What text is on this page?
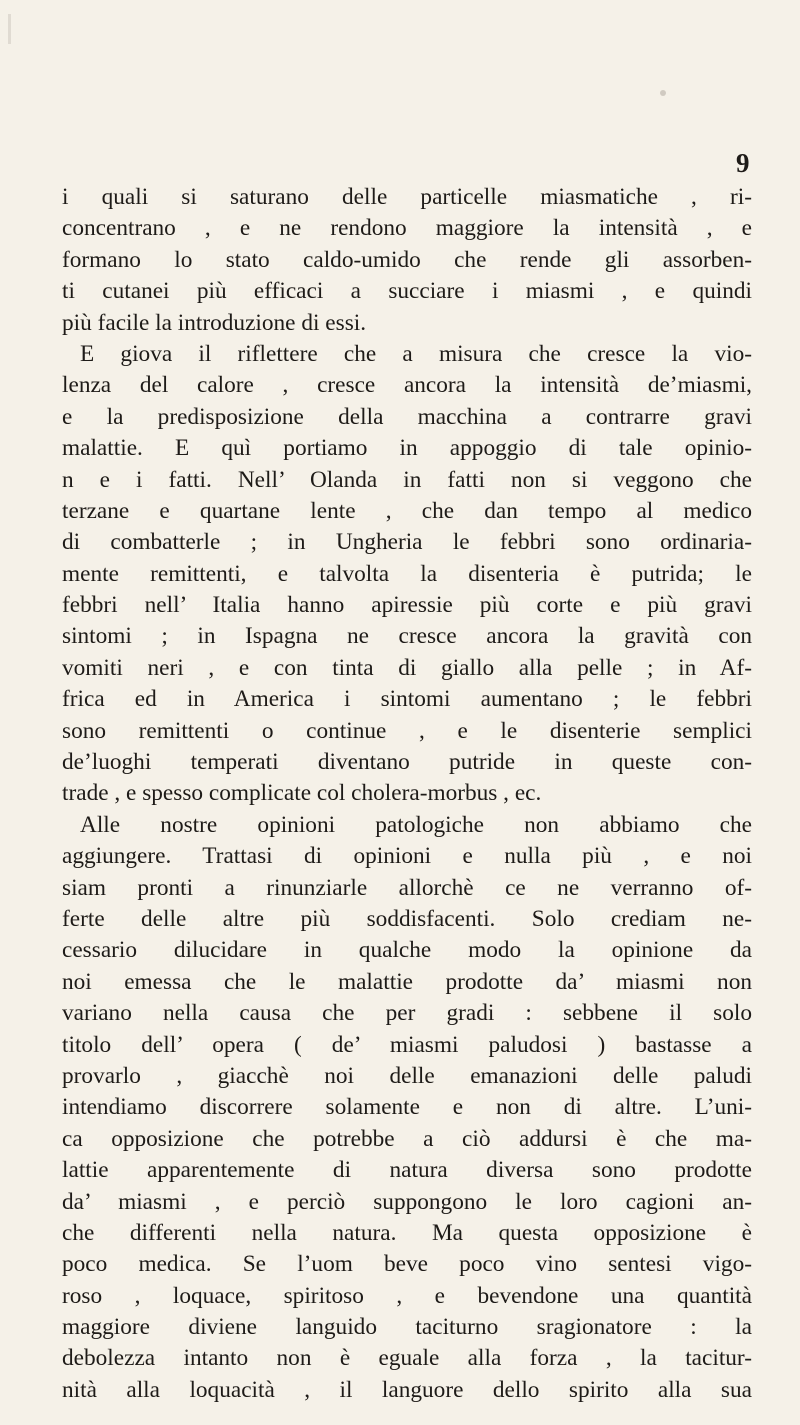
9
i quali si saturano delle particelle miasmatiche , ri-
concentrano , e ne rendono maggiore la intensità , e
formano lo stato caldo-umido che rende gli assorben-
ti cutanei più efficaci a succiare i miasmi , e quindi
più facile la introduzione di essi.
E giova il riflettere che a misura che cresce la vio-
lenza del calore , cresce ancora la intensità de’miasmi,
e la predisposizione della macchina a contrarre gravi
malattie. E quì portiamo in appoggio di tale opinio-
n e i fatti. Nell’ Olanda in fatti non si veggono che
terzane e quartane lente , che dan tempo al medico
di combatterle ; in Ungheria le febbri sono ordinaria-
mente remittenti, e talvolta la disenteria è putrida; le
febbri nell’ Italia hanno apiressie più corte e più gravi
sintomi ; in Ispagna ne cresce ancora la gravità con
vomiti neri , e con tinta di giallo alla pelle ; in Af-
frica ed in America i sintomi aumentano ; le febbri
sono remittenti o continue , e le disenterie semplici
de’luoghi temperati diventano putride in queste con-
trade , e spesso complicate col cholera-morbus , ec.
Alle nostre opinioni patologiche non abbiamo che
aggiungere. Trattasi di opinioni e nulla più , e noi
siam pronti a rinunziarle allorchè ce ne verranno of-
ferte delle altre più soddisfacenti. Solo crediam ne-
cessario dilucidare in qualche modo la opinione da
noi emessa che le malattie prodotte da’ miasmi non
variano nella causa che per gradi : sebbene il solo
titolo dell’ opera ( de’ miasmi paludosi ) bastasse a
provarlo , giacchè noi delle emanazioni delle paludi
intendiamo discorrere solamente e non di altre. L’uni-
ca opposizione che potrebbe a ciò addursi è che ma-
lattie apparentemente di natura diversa sono prodotte
da’ miasmi , e perciò suppongono le loro cagioni an-
che differenti nella natura. Ma questa opposizione è
poco medica. Se l’uom beve poco vino sentesi vigo-
roso , loquace, spiritoso , e bevendone una quantità
maggiore diviene languido taciturno sragionatore : la
debolezza intanto non è eguale alla forza , la tacitur-
nità alla loquacità , il languore dello spirito alla sua
